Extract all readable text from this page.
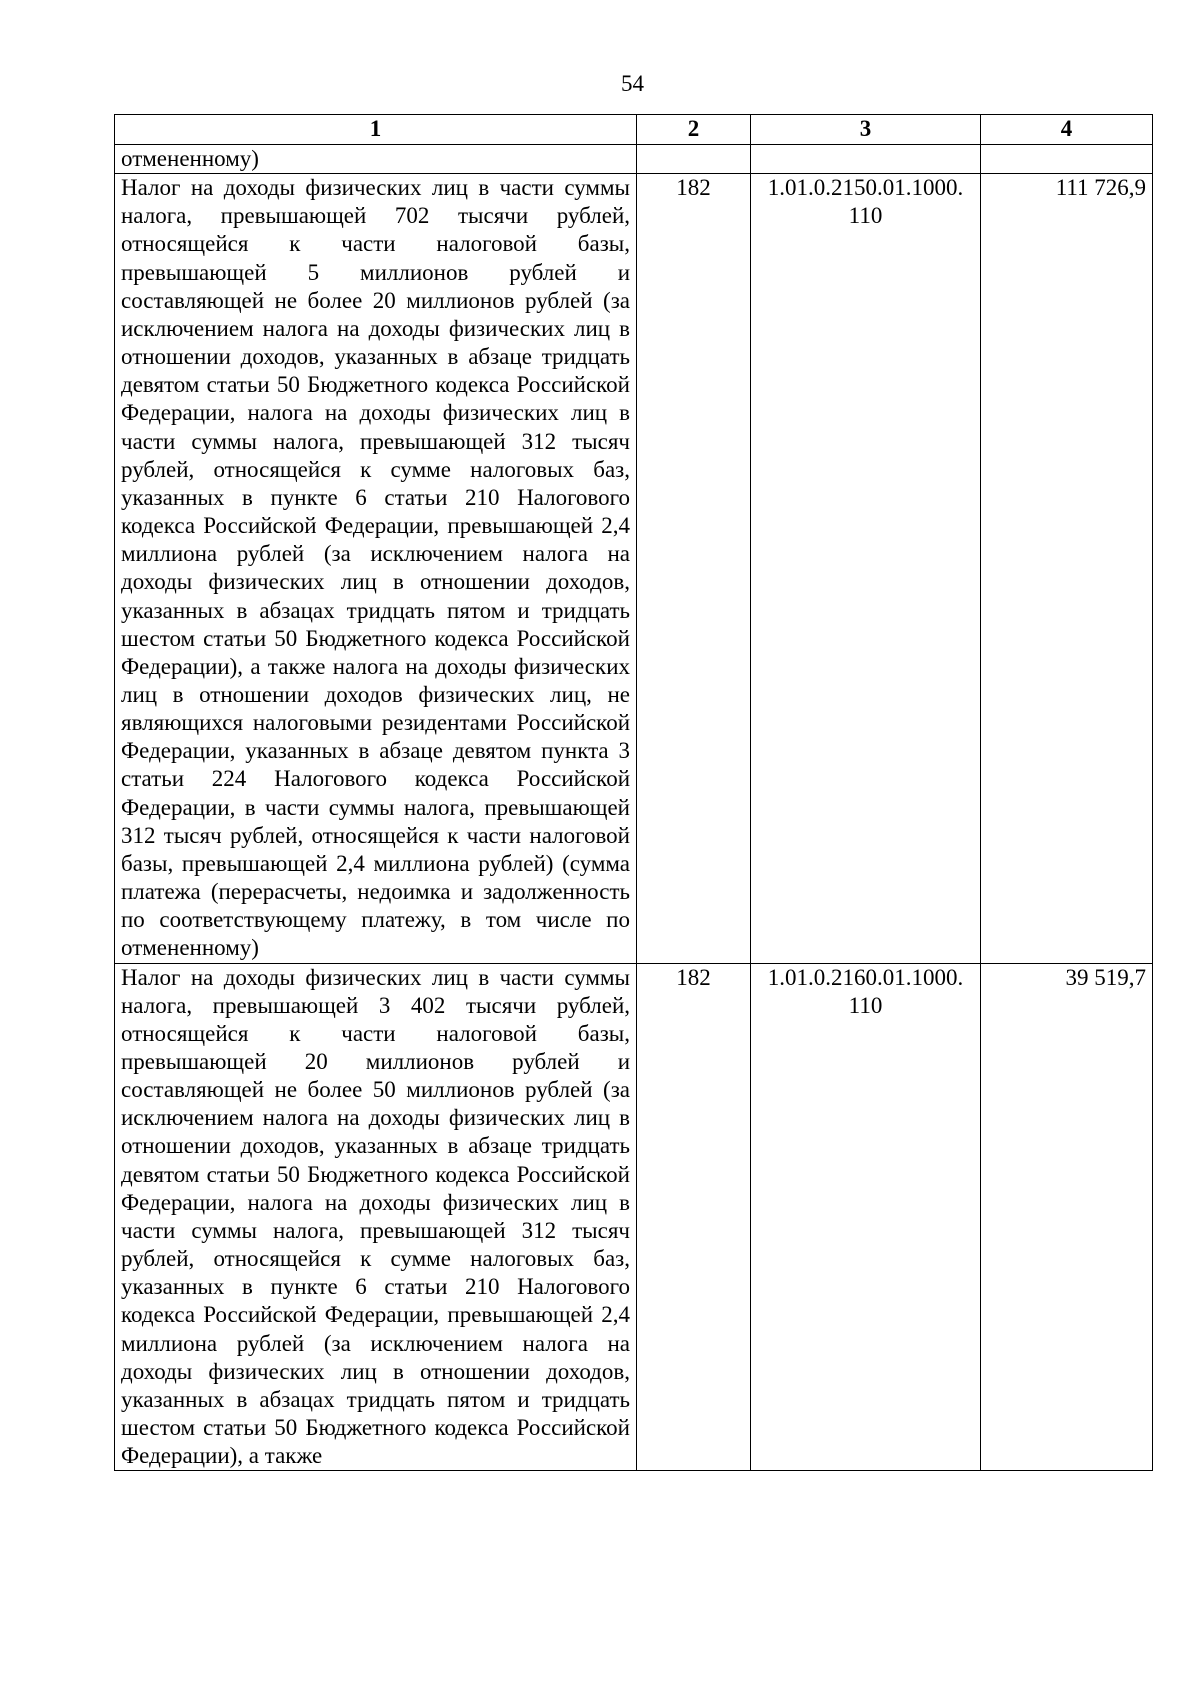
54
1	2	3	4
отмененному)			
Налог на доходы физических лиц в части суммы налога, превышающей 702 тысячи рублей, относящейся к части налоговой базы, превышающей 5 миллионов рублей и составляющей не более 20 миллионов рублей (за исключением налога на доходы физических лиц в отношении доходов, указанных в абзаце тридцать девятом статьи 50 Бюджетного кодекса Российской Федерации, налога на доходы физических лиц в части суммы налога, превышающей 312 тысяч рублей, относящейся к сумме налоговых баз, указанных в пункте 6 статьи 210 Налогового кодекса Российской Федерации, превышающей 2,4 миллиона рублей (за исключением налога на доходы физических лиц в отношении доходов, указанных в абзацах тридцать пятом и тридцать шестом статьи 50 Бюджетного кодекса Российской Федерации), а также налога на доходы физических лиц в отношении доходов физических лиц, не являющихся налоговыми резидентами Российской Федерации, указанных в абзаце девятом пункта 3 статьи 224 Налогового кодекса Российской Федерации, в части суммы налога, превышающей 312 тысяч рублей, относящейся к части налоговой базы, превышающей 2,4 миллиона рублей) (сумма платежа (перерасчеты, недоимка и задолженность по соответствующему платежу, в том числе по отмененному)	182	1.01.0.2150.01.1000. 110	111 726,9
Налог на доходы физических лиц в части суммы налога, превышающей 3 402 тысячи рублей, относящейся к части налоговой базы, превышающей 20 миллионов рублей и составляющей не более 50 миллионов рублей (за исключением налога на доходы физических лиц в отношении доходов, указанных в абзаце тридцать девятом статьи 50 Бюджетного кодекса Российской Федерации, налога на доходы физических лиц в части суммы налога, превышающей 312 тысяч рублей, относящейся к сумме налоговых баз, указанных в пункте 6 статьи 210 Налогового кодекса Российской Федерации, превышающей 2,4 миллиона рублей (за исключением налога на доходы физических лиц в отношении доходов, указанных в абзацах тридцать пятом и тридцать шестом статьи 50 Бюджетного кодекса Российской Федерации), а также	182	1.01.0.2160.01.1000. 110	39 519,7
